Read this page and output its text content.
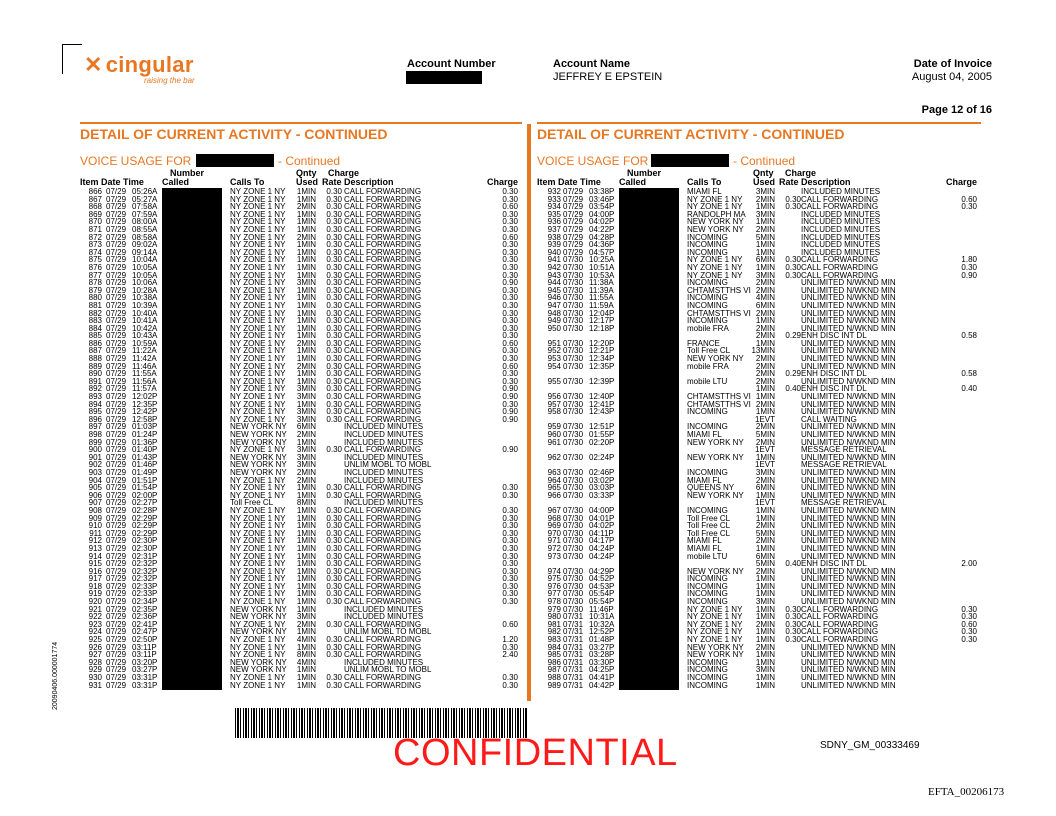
✕ cingular
raising the bar
Account Number	Account Name
JEFFREY E EPSTEIN
Date of Invoice
August 04, 2005
Page 12 of 16
DETAIL OF CURRENT ACTIVITY - CONTINUED
VOICE USAGE FOR	- Continued
Number	Qnty Charge
Item Date Time Called	Calls To	Used Rate Description	Charge
866 07/29 05:26A	NY ZONE 1 NY 1MIN 0.30 CALL FORWARDING	0.30
867 07/29 05:27A	NY ZONE 1 NY 1MIN 0.30 CALL FORWARDING	0.30
868 07/29 07:58A	NY ZONE 1 NY 2MIN 0.30 CALL FORWARDING	0.60
869 07/29 07:59A	NY ZONE 1 NY 1MIN 0.30 CALL FORWARDING	0.30
870 07/29 08:00A	NY ZONE 1 NY 1MIN 0.30 CALL FORWARDING	0.30
871 07/29 08:55A	NY ZONE 1 NY 1MIN 0.30 CALL FORWARDING	0.30
872 07/29 08:58A	NY ZONE 1 NY 2MIN 0.30 CALL FORWARDING	0.60
873 07/29 09:02A	NY ZONE 1 NY 1MIN 0.30 CALL FORWARDING	0.30
874 07/29 09:14A	NY ZONE 1 NY 1MIN 0.30 CALL FORWARDING	0.30
875 07/29 10:04A	NY ZONE 1 NY 1MIN 0.30 CALL FORWARDING	0.30
876 07/29 10:05A	NY ZONE 1 NY 1MIN 0.30 CALL FORWARDING	0.30
877 07/29 10:05A	NY ZONE 1 NY 1MIN 0.30 CALL FORWARDING	0.30
878 07/29 10:06A	NY ZONE 1 NY 3MIN 0.30 CALL FORWARDING	0.90
879 07/29 10:28A	NY ZONE 1 NY 1MIN 0.30 CALL FORWARDING	0.30
880 07/29 10:38A	NY ZONE 1 NY 1MIN 0.30 CALL FORWARDING	0.30
881 07/29 10:39A	NY ZONE 1 NY 1MIN 0.30 CALL FORWARDING	0.30
882 07/29 10:40A	NY ZONE 1 NY 1MIN 0.30 CALL FORWARDING	0.30
883 07/29 10:41A	NY ZONE 1 NY 1MIN 0.30 CALL FORWARDING	0.30
884 07/29 10:42A	NY ZONE 1 NY 1MIN 0.30 CALL FORWARDING	0.30
885 07/29 10:43A	NY ZONE 1 NY 1MIN 0.30 CALL FORWARDING	0.30
886 07/29 10:59A	NY ZONE 1 NY 2MIN 0.30 CALL FORWARDING	0.60
887 07/29 11:22A	NY ZONE 1 NY 1MIN 0.30 CALL FORWARDING	0.30
888 07/29 11:42A	NY ZONE 1 NY 1MIN 0.30 CALL FORWARDING	0.30
889 07/29 11:46A	NY ZONE 1 NY 2MIN 0.30 CALL FORWARDING	0.60
890 07/29 11:55A	NY ZONE 1 NY 1MIN 0.30 CALL FORWARDING	0.30
891 07/29 11:56A	NY ZONE 1 NY 1MIN 0.30 CALL FORWARDING	0.30
892 07/29 11:57A	NY ZONE 1 NY 3MIN 0.30 CALL FORWARDING	0.90
893 07/29 12:02P	NY ZONE 1 NY 3MIN 0.30 CALL FORWARDING	0.90
894 07/29 12:35P	NY ZONE 1 NY 1MIN 0.30 CALL FORWARDING	0.30
895 07/29 12:42P	NY ZONE 1 NY 3MIN 0.30 CALL FORWARDING	0.90
896 07/29 12:58P	NY ZONE 1 NY 3MIN 0.30 CALL FORWARDING	0.90
897 07/29 01:03P	NEW YORK NY 6MIN	INCLUDED MINUTES
898 07/29 01:24P	NEW YORK NY 2MIN	INCLUDED MINUTES
899 07/29 01:36P	NEW YORK NY 1MIN	INCLUDED MINUTES
900 07/29 01:40P	NY ZONE 1 NY 3MIN 0.30 CALL FORWARDING	0.90
901 07/29 01:43P	NEW YORK NY 3MIN	INCLUDED MINUTES
902 07/29 01:46P	NEW YORK NY 3MIN	UNLIM MOBL TO MOBL
903 07/29 01:49P	NEW YORK NY 2MIN	INCLUDED MINUTES
904 07/29 01:51P	NY ZONE 1 NY 2MIN	INCLUDED MINUTES
905 07/29 01:54P	NY ZONE 1 NY 1MIN 0.30 CALL FORWARDING	0.30
906 07/29 02:00P	NY ZONE 1 NY 1MIN 0.30 CALL FORWARDING	0.30
907 07/29 02:27P	Toll Free CL	8MIN	INCLUDED MINUTES
908 07/29 02:28P	NY ZONE 1 NY 1MIN 0.30 CALL FORWARDING	0.30
909 07/29 02:29P	NY ZONE 1 NY 1MIN 0.30 CALL FORWARDING	0.30
910 07/29 02:29P	NY ZONE 1 NY 1MIN 0.30 CALL FORWARDING	0.30
911 07/29 02:29P	NY ZONE 1 NY 1MIN 0.30 CALL FORWARDING	0.30
912 07/29 02:30P	NY ZONE 1 NY 1MIN 0.30 CALL FORWARDING	0.30
913 07/29 02:30P	NY ZONE 1 NY 1MIN 0.30 CALL FORWARDING	0.30
914 07/29 02:31P	NY ZONE 1 NY 1MIN 0.30 CALL FORWARDING	0.30
915 07/29 02:32P	NY ZONE 1 NY 1MIN 0.30 CALL FORWARDING	0.30
916 07/29 02:32P	NY ZONE 1 NY 1MIN 0.30 CALL FORWARDING	0.30
917 07/29 02:32P	NY ZONE 1 NY 1MIN 0.30 CALL FORWARDING	0.30
918 07/29 02:33P	NY ZONE 1 NY 1MIN 0.30 CALL FORWARDING	0.30
919 07/29 02:33P	NY ZONE 1 NY 1MIN 0.30 CALL FORWARDING	0.30
920 07/29 02:34P	NY ZONE 1 NY 1MIN 0.30 CALL FORWARDING	0.30
921 07/29 02:35P	NEW YORK NY 1MIN	INCLUDED MINUTES
922 07/29 02:36P	NEW YORK NY 3MIN	INCLUDED MINUTES
923 07/29 02:41P	NY ZONE 1 NY 2MIN 0.30 CALL FORWARDING	0.60
924 07/29 02:47P	NEW YORK NY 1MIN	UNLIM MOBL TO MOBL
925 07/29 02:50P	NY ZONE 1 NY 4MIN 0.30 CALL FORWARDING	1.20
926 07/29 03:11P	NY ZONE 1 NY 1MIN 0.30 CALL FORWARDING	0.30
927 07/29 03:11P	NY ZONE 1 NY 8MIN 0.30 CALL FORWARDING	2.40
928 07/29 03:20P	NEW YORK NY 4MIN	INCLUDED MINUTES
929 07/29 03:27P	NEW YORK NY 1MIN	UNLIM MOBL TO MOBL
930 07/29 03:31P	NY ZONE 1 NY 1MIN 0.30 CALL FORWARDING	0.30
931 07/29 03:31P	NY ZONE 1 NY 1MIN 0.30 CALL FORWARDING	0.30
DETAIL OF CURRENT ACTIVITY - CONTINUED
VOICE USAGE FOR	- Continued
Number	Qnty Charge
Item Date Time Called	Calls To	Used Rate Description	Charge
932 07/29 03:38P	MIAMI FL	3MIN	INCLUDED MINUTES
933 07/29 03:46P	NY ZONE 1 NY 2MIN 0.30 CALL FORWARDING	0.60
934 07/29 03:54P	NY ZONE 1 NY 1MIN 0.30 CALL FORWARDING	0.30
935 07/29 04:00P	RANDOLPH MA 3MIN	INCLUDED MINUTES
936 07/29 04:02P	NEW YORK NY 1MIN	INCLUDED MINUTES
937 07/29 04:22P	NEW YORK NY 2MIN	INCLUDED MINUTES
938 07/29 04:28P	INCOMING	5MIN	INCLUDED MINUTES
939 07/29 04:36P	INCOMING	1MIN	INCLUDED MINUTES
940 07/29 04:57P	INCOMING	1MIN	INCLUDED MINUTES
941 07/30 10:25A	NY ZONE 1 NY 6MIN 0.30 CALL FORWARDING	1.80
942 07/30 10:51A	NY ZONE 1 NY 1MIN 0.30 CALL FORWARDING	0.30
943 07/30 10:53A	NY ZONE 1 NY 3MIN 0.30 CALL FORWARDING	0.90
944 07/30 11:38A	INCOMING	2MIN	UNLIMITED N/WKND MIN
945 07/30 11:39A	CHTAMSTTHS VI 2MIN	UNLIMITED N/WKND MIN
946 07/30 11:55A	INCOMING	4MIN	UNLIMITED N/WKND MIN
947 07/30 11:59A	INCOMING	6MIN	UNLIMITED N/WKND MIN
948 07/30 12:04P	CHTAMSTTHS VI 2MIN	UNLIMITED N/WKND MIN
949 07/30 12:17P	INCOMING	1MIN	UNLIMITED N/WKND MIN
950 07/30 12:18P	mobile FRA	2MIN	UNLIMITED N/WKND MIN
2MIN 0.29 ENH DISC INT DL	0.58
951 07/30 12:20P	FRANCE	1MIN	UNLIMITED N/WKND MIN
952 07/30 12:21P	Toll Free CL	13MIN	UNLIMITED N/WKND MIN
953 07/30 12:34P	NEW YORK NY 2MIN	UNLIMITED N/WKND MIN
954 07/30 12:35P	mobile FRA	2MIN	UNLIMITED N/WKND MIN
2MIN 0.29 ENH DISC INT DL	0.58
955 07/30 12:39P	mobile LTU	2MIN	UNLIMITED N/WKND MIN
1MIN 0.40 ENH DISC INT DL	0.40
956 07/30 12:40P	CHTAMSTTHS VI 1MIN	UNLIMITED N/WKND MIN
957 07/30 12:41P	CHTAMSTTHS VI 2MIN	UNLIMITED N/WKND MIN
958 07/30 12:43P	INCOMING	1MIN	UNLIMITED N/WKND MIN
1EVT	CALL WAITING
959 07/30 12:51P	INCOMING	2MIN	UNLIMITED N/WKND MIN
960 07/30 01:55P	MIAMI FL	5MIN	UNLIMITED N/WKND MIN
961 07/30 02:20P	NEW YORK NY 2MIN	UNLIMITED N/WKND MIN
1EVT	MESSAGE RETRIEVAL
962 07/30 02:24P	NEW YORK NY 1MIN	UNLIMITED N/WKND MIN
1EVT	MESSAGE RETRIEVAL
963 07/30 02:46P	INCOMING	3MIN	UNLIMITED N/WKND MIN
964 07/30 03:02P	MIAMI FL	2MIN	UNLIMITED N/WKND MIN
965 07/30 03:03P	QUEENS NY	6MIN	UNLIMITED N/WKND MIN
966 07/30 03:33P	NEW YORK NY 1MIN	UNLIMITED N/WKND MIN
1EVT	MESSAGE RETRIEVAL
967 07/30 04:00P	INCOMING	1MIN	UNLIMITED N/WKND MIN
968 07/30 04:01P	Toll Free CL	1MIN	UNLIMITED N/WKND MIN
969 07/30 04:02P	Toll Free CL	2MIN	UNLIMITED N/WKND MIN
970 07/30 04:11P	Toll Free CL	5MIN	UNLIMITED N/WKND MIN
971 07/30 04:17P	MIAMI FL	2MIN	UNLIMITED N/WKND MIN
972 07/30 04:24P	MIAMI FL	1MIN	UNLIMITED N/WKND MIN
973 07/30 04:24P	mobile LTU	6MIN	UNLIMITED N/WKND MIN
5MIN 0.40 ENH DISC INT DL	2.00
974 07/30 04:29P	NEW YORK NY 2MIN	UNLIMITED N/WKND MIN
975 07/30 04:52P	INCOMING	1MIN	UNLIMITED N/WKND MIN
976 07/30 04:53P	INCOMING	1MIN	UNLIMITED N/WKND MIN
977 07/30 05:54P	INCOMING	1MIN	UNLIMITED N/WKND MIN
978 07/30 05:54P	INCOMING	3MIN	UNLIMITED N/WKND MIN
979 07/30 11:46P	NY ZONE 1 NY 1MIN 0.30 CALL FORWARDING	0.30
980 07/31 10:31A	NY ZONE 1 NY 1MIN 0.30 CALL FORWARDING	0.30
981 07/31 10:32A	NY ZONE 1 NY 2MIN 0.30 CALL FORWARDING	0.60
982 07/31 12:52P	NY ZONE 1 NY 1MIN 0.30 CALL FORWARDING	0.30
983 07/31 01:48P	NY ZONE 1 NY 1MIN 0.30 CALL FORWARDING	0.30
984 07/31 03:27P	NEW YORK NY 2MIN	UNLIMITED N/WKND MIN
985 07/31 03:28P	NEW YORK NY 1MIN	UNLIMITED N/WKND MIN
986 07/31 03:30P	INCOMING	1MIN	UNLIMITED N/WKND MIN
987 07/31 04:25P	INCOMING	3MIN	UNLIMITED N/WKND MIN
988 07/31 04:41P	INCOMING	1MIN	UNLIMITED N/WKND MIN
989 07/31 04:42P	INCOMING	1MIN	UNLIMITED N/WKND MIN
CONFIDENTIAL	SDNY_GM_00333469
EFTA_00206173
20090406.000001774
